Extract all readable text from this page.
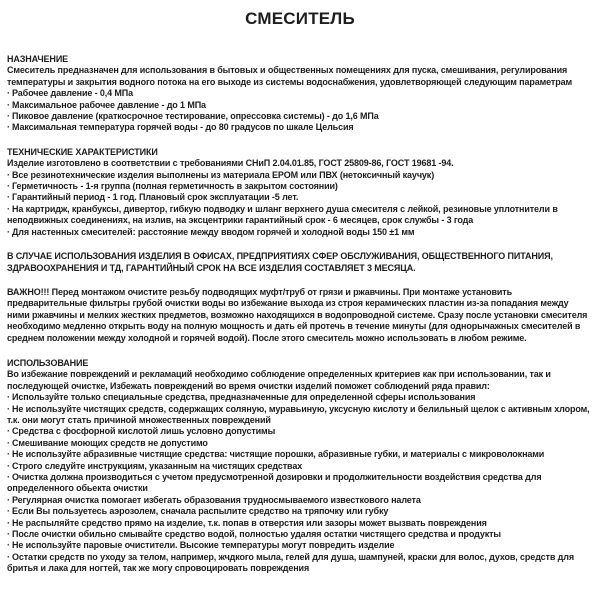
СМЕСИТЕЛЬ

НАЗНАЧЕНИЕ

Смеситель предназначен для использования в бытовых и общественных помещениях для пуска, смешивания, регулирования температуры и закрытия водного потока на его выходе из системы водоснабжения, удовлетворяющей следующим параметрам

· Рабочее давление - 0,4 МПа

· Максимальное рабочее давление - до 1 МПа

· Пиковое давление (краткосрочное тестирование, опрессовка системы) - до 1,6 МПа

· Максимальная температура горячей воды - до 80 градусов по шкале Цельсия

ТЕХНИЧЕСКИЕ ХАРАКТЕРИСТИКИ

Изделие изготовлено в соответствии с требованиями СНиП 2.04.01.85, ГОСТ 25809-86, ГОСТ 19681 -94.

· Все резинотехнические изделия выполнены из материала EPOM или ПВХ (нетоксичный каучук)

· Герметичность - 1-я группа (полная герметичность в закрытом состоянии)

· Гарантийный период - 1 год. Плановый срок эксплуатации -5 лет.

· На картридж, кранбуксы, дивертор, гибкую подводку и шланг верхнего душа смесителя с лейкой, резиновые уплотнители в неподвижных соединениях, на излив, на эксцентрики гарантийный срок - 6 месяцев, срок службы - 3 года

· Для настенных смесителей: расстояние между вводом горячей и холодной воды 150 ±1 мм

В СЛУЧАЕ ИСПОЛЬЗОВАНИЯ ИЗДЕЛИЯ В ОФИСАХ, ПРЕДПРИЯТИЯХ СФЕР ОБСЛУЖИВАНИЯ, ОБЩЕСТВЕННОГО ПИТАНИЯ, ЗДРАВООХРАНЕНИЯ И ТД, ГАРАНТИЙНЫЙ СРОК НА ВСЕ ИЗДЕЛИЯ СОСТАВЛЯЕТ 3 МЕСЯЦА.

ВАЖНО!!! Перед монтажом очистите резьбу подводящих муфт/труб от грязи и ржавчины. При монтаже установить предварительные фильтры грубой очистки воды во избежание выхода из строя керамических пластин из-за попадания между ними ржавчины и мелких жестких предметов, возможно находящихся в водопроводной системе. Сразу после установки смесителя необходимо медленно открыть воду на полную мощность и дать ей протечь в течение минуты (для однорычажных смесителей в среднем положении между холодной и горячей водой). После этого смеситель можно использовать в любом режиме.

ИСПОЛЬЗОВАНИЕ

Во избежание повреждений и рекламаций необходимо соблюдение определенных критериев как при использовании, так и последующей очистке, Избежать повреждений во время очистки изделий поможет соблюдений ряда правил:

· Используйте только специальные средства, предназначенные для определенной сферы использования

· Не используйте чистящих средств, содержащих соляную, муравьиную, уксусную кислоту и белильный щелок с активным хлором, т.к. они могут стать причиной множественных повреждений

· Средства с фосфорной кислотой лишь условно допустимы

· Смешивание моющих средств не допустимо

· Не используйте абразивные чистящие средства: чистящие порошки, абразивные губки, и материалы с микроволокнами

· Строго следуйте инструкциям, указанным на чистящих средствах

· Очистка должна производиться с учетом предусмотренной дозировки и продолжительности воздействия средства для определенного обьекта очистки

· Регулярная очистка помогает избегать образования трудносмываемого известкового налета

· Если Вы пользуетесь аэрозолем, сначала распылите средство на тряпочку или губку

· Не распыляйте средство прямо на изделие, т.к. попав в отверстия или зазоры может вызвать повреждения

· После очистки обильно смывайте средство водой, полностью удаляя остатки чистящего средства и продукты

· Не используйте паровые очистители. Высокие температуры могут повредить изделие

· Остатки средств по уходу за телом, например, жчдкого мыла, гелей для душа, шампуней, краски для волос, духов, средств для бритья и лака для ногтей, так же могу спровоцировать повреждения
